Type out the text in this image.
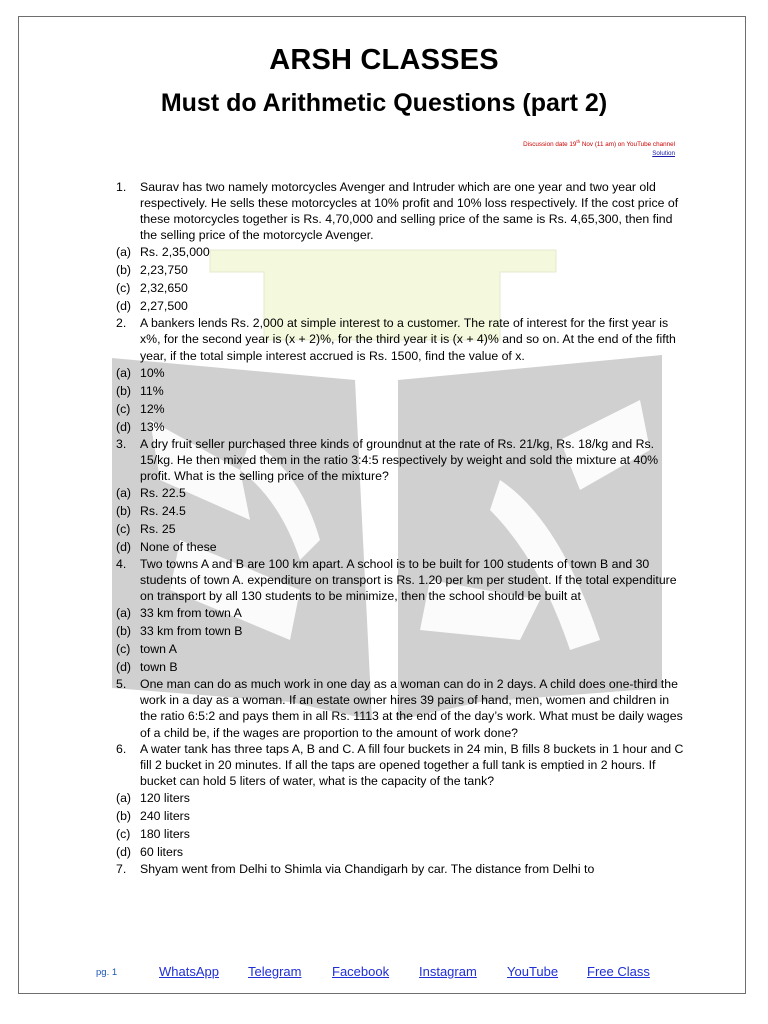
ARSH CLASSES
Must do Arithmetic Questions (part 2)
Discussion date 19th Nov (11 am) on YouTube channel
Solution
1.	Saurav has two namely motorcycles Avenger and Intruder which are one year and two year old respectively. He sells these motorcycles at 10% profit and 10% loss respectively. If the cost price of these motorcycles together is Rs. 4,70,000 and selling price of the same is Rs. 4,65,300, then find the selling price of the motorcycle Avenger.
(a) Rs. 2,35,000
(b) 2,23,750
(c) 2,32,650
(d) 2,27,500
2.	A bankers lends Rs. 2,000 at simple interest to a customer. The rate of interest for the first year is x%, for the second year is (x + 2)%, for the third year it is (x + 4)% and so on. At the end of the fifth year, if the total simple interest accrued is Rs. 1500, find the value of x.
(a) 10%
(b) 11%
(c) 12%
(d) 13%
3.	A dry fruit seller purchased three kinds of groundnut at the rate of Rs. 21/kg, Rs. 18/kg and Rs. 15/kg. He then mixed them in the ratio 3:4:5 respectively by weight and sold the mixture at 40% profit. What is the selling price of the mixture?
(a) Rs. 22.5
(b) Rs. 24.5
(c) Rs. 25
(d) None of these
4.	Two towns A and B are 100 km apart. A school is to be built for 100 students of town B and 30 students of town A. expenditure on transport is Rs. 1.20 per km per student. If the total expenditure on transport by all 130 students to be minimize, then the school should be built at
(a) 33 km from town A
(b) 33 km from town B
(c) town A
(d) town B
5.	One man can do as much work in one day as a woman can do in 2 days. A child does one-third the work in a day as a woman. If an estate owner hires 39 pairs of hand, men, women and children in the ratio 6:5:2 and pays them in all Rs. 1113 at the end of the day’s work. What must be daily wages of a child be, if the wages are proportion to the amount of work done?
6.	A water tank has three taps A, B and C. A fill four buckets in 24 min, B fills 8 buckets in 1 hour and C fill 2 bucket in 20 minutes. If all the taps are opened together a full tank is emptied in 2 hours. If bucket can hold 5 liters of water, what is the capacity of the tank?
(a) 120 liters
(b) 240 liters
(c) 180 liters
(d) 60 liters
7.	Shyam went from Delhi to Shimla via Chandigarh by car. The distance from Delhi to
pg. 1	WhatsApp Telegram Facebook Instagram YouTube Free Class
